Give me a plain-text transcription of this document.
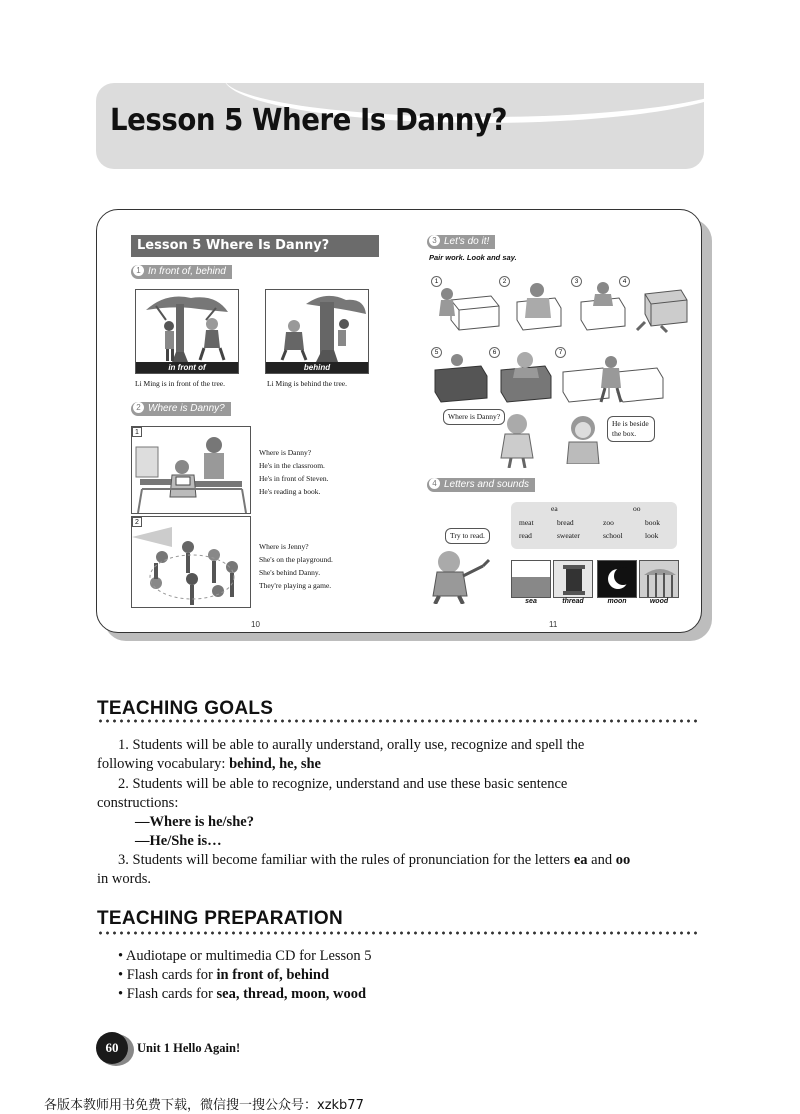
Lesson 5 Where Is Danny?
Lesson 5 Where Is Danny?
1 In front of, behind
in front of
Li Ming is in front of the tree.
behind
Li Ming is behind the tree.
2 Where is Danny?
1
Where is Danny?
He's in the classroom.
He's in front of Steven.
He's reading a book.
2
Where is Jenny?
She's on the playground.
She's behind Danny.
They're playing a game.
10
3 Let's do it!
Pair work. Look and say.
1	2	3	4
5	6	7
Where is Danny?
He is beside the box.
4 Letters and sounds
Try to read.
ea	oo
meat	bread	zoo	book
read	sweater	school	look
sea	thread	moon	wood
11
TEACHING GOALS
1. Students will be able to aurally understand, orally use, recognize and spell the
following vocabulary: behind, he, she
2. Students will be able to recognize, understand and use these basic sentence
constructions:
—Where is he/she?
—He/She is…
3. Students will become familiar with the rules of pronunciation for the letters ea and oo
in words.
TEACHING PREPARATION
• Audiotape or multimedia CD for Lesson 5
• Flash cards for in front of, behind
• Flash cards for sea, thread, moon, wood
60	Unit 1 Hello Again!
各版本教师用书免费下载，微信搜一搜公众号：xzkb77
